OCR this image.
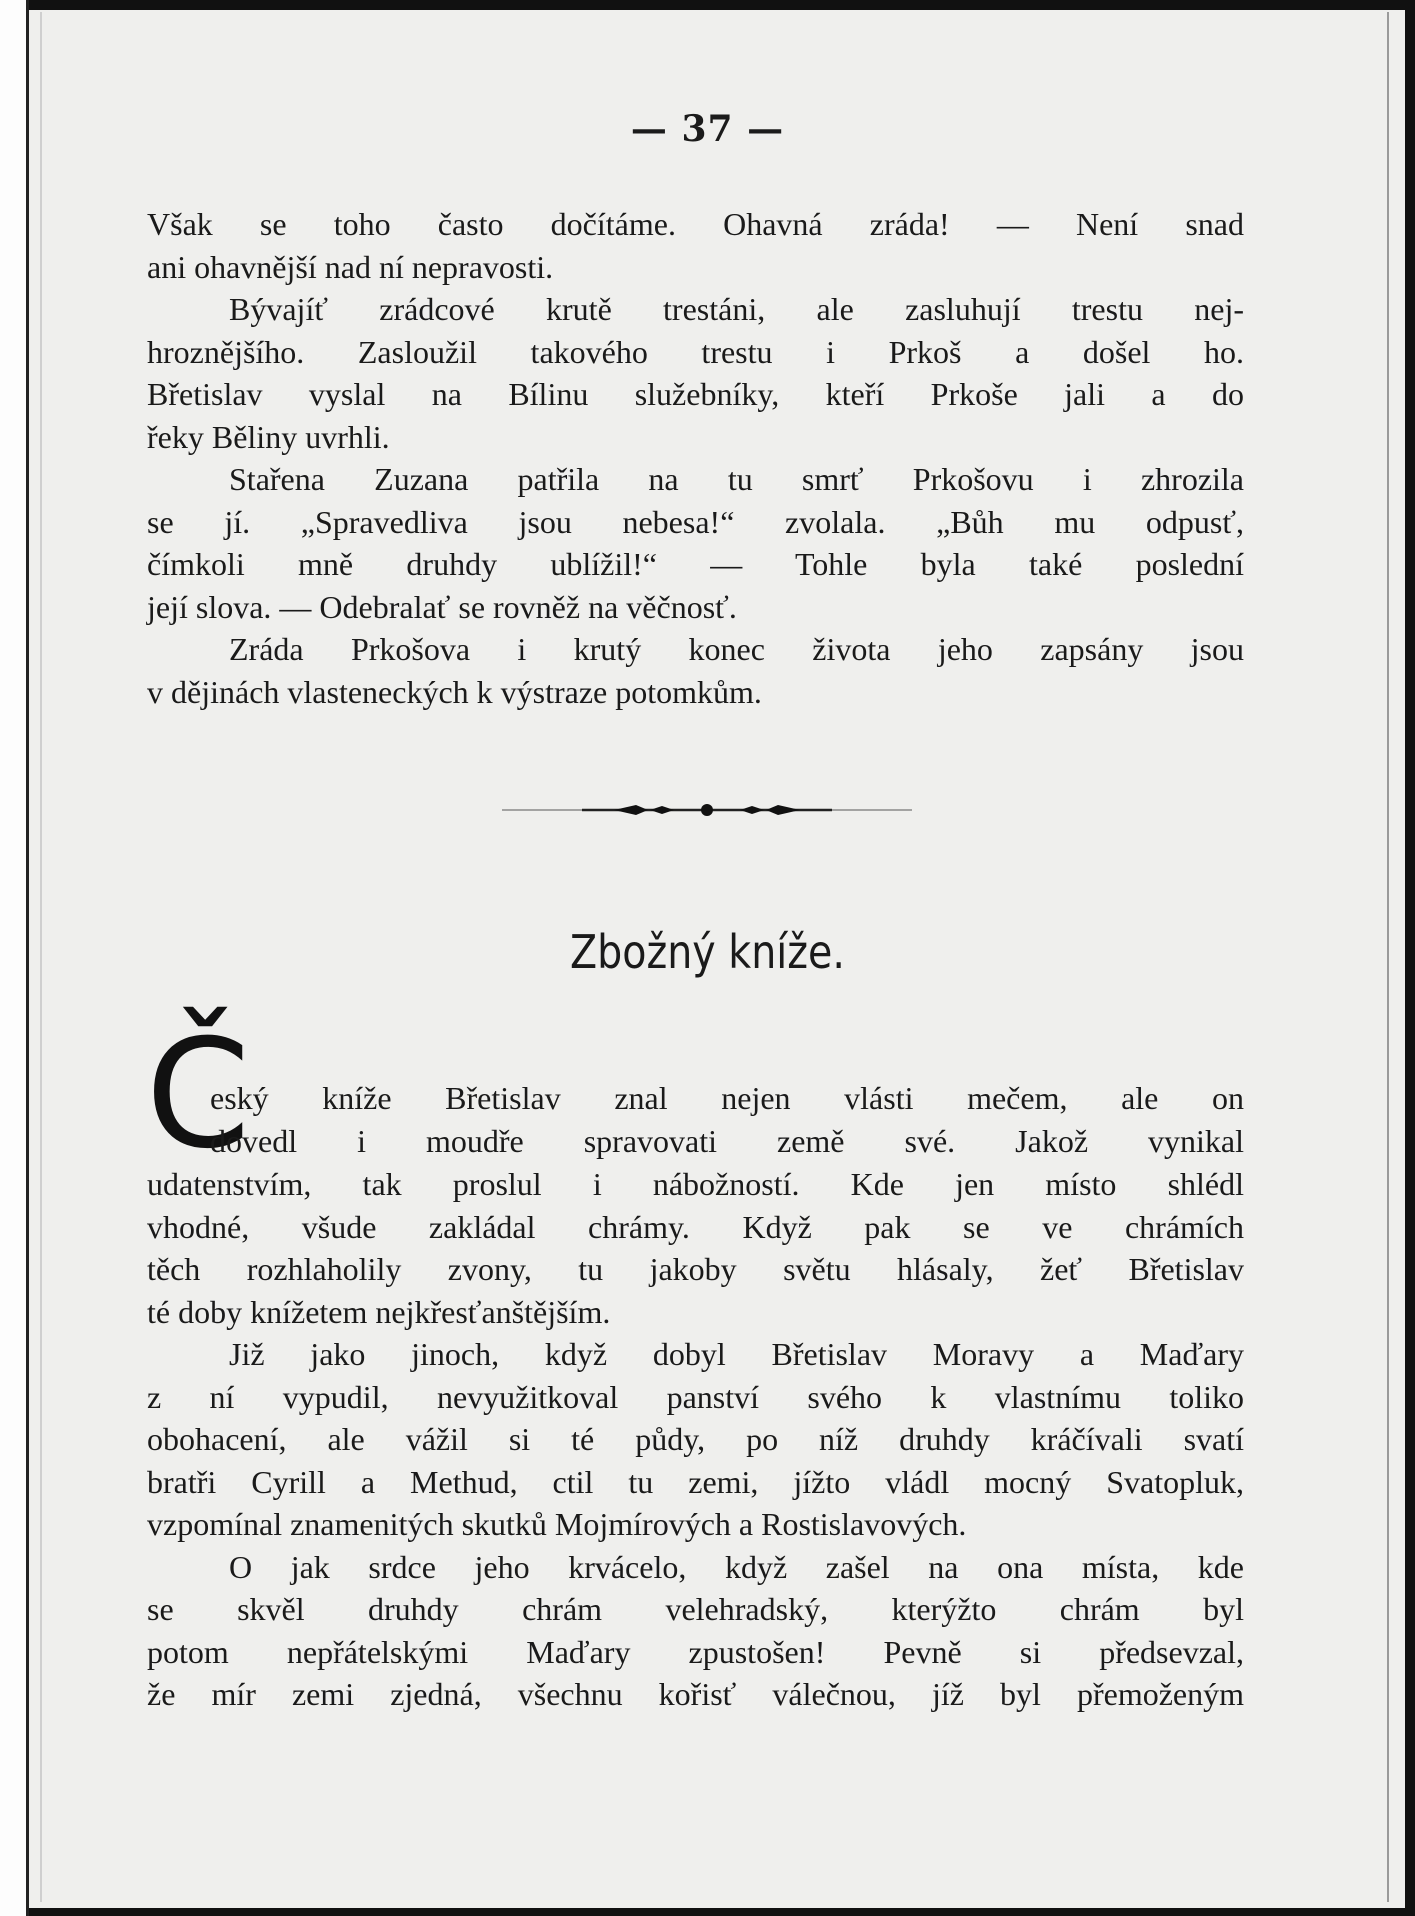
— 37 —

Však se toho často dočítáme. Ohavná zráda! — Není snad

ani ohavnější nad ní nepravosti.

Bývajíť zrádcové krutě trestáni, ale zasluhují trestu nej-

hroznějšího. Zasloužil takového trestu i Prkoš a došel ho.

Břetislav vyslal na Bílinu služebníky, kteří Prkoše jali a do

řeky Běliny uvrhli.

Stařena Zuzana patřila na tu smrť Prkošovu i zhrozila

se jí. „Spravedliva jsou nebesa!“ zvolala. „Bůh mu odpusť,

čímkoli mně druhdy ublížil!“ — Tohle byla také poslední

její slova. — Odebralať se rovněž na věčnosť.

Zráda Prkošova i krutý konec života jeho zapsány jsou

v dějinách vlasteneckých k výstraze potomkům.

Zbožný kníže.
Č

eský kníže Břetislav znal nejen vlásti mečem, ale on

dovedl i moudře spravovati země své. Jakož vynikal

udatenstvím, tak proslul i nábožností. Kde jen místo shlédl

vhodné, všude zakládal chrámy. Když pak se ve chrámích

těch rozhlaholily zvony, tu jakoby světu hlásaly, žeť Břetislav

té doby knížetem nejkřesťanštějším.

Již jako jinoch, když dobyl Břetislav Moravy a Maďary

z ní vypudil, nevyužitkoval panství svého k vlastnímu toliko

obohacení, ale vážil si té půdy, po níž druhdy kráčívali svatí

bratři Cyrill a Methud, ctil tu zemi, jížto vládl mocný Svatopluk,

vzpomínal znamenitých skutků Mojmírových a Rostislavových.

O jak srdce jeho krvácelo, když zašel na ona místa, kde

se skvěl druhdy chrám velehradský, kterýžto chrám byl

potom nepřátelskými Maďary zpustošen! Pevně si předsevzal,

že mír zemi zjedná, všechnu kořisť válečnou, jíž byl přemoženým
